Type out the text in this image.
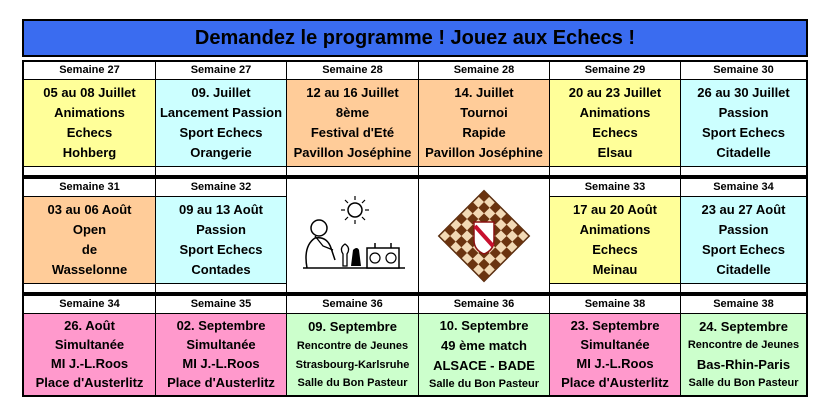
Demandez le programme ! Jouez aux Echecs !
Semaine 27
05 au 08 Juillet
Animations
Echecs
Hohberg
Semaine 27
09. Juillet
Lancement Passion
Sport Echecs
Orangerie
Semaine 28
12 au 16 Juillet
8ème
Festival d'Eté
Pavillon Joséphine
Semaine 28
14. Juillet
Tournoi
Rapide
Pavillon Joséphine
Semaine 29
20 au 23 Juillet
Animations
Echecs
Elsau
Semaine 30
26 au 30 Juillet
Passion
Sport Echecs
Citadelle
Semaine 31
03 au 06 Août
Open
de
Wasselonne
Semaine 32
09 au 13 Août
Passion
Sport Echecs
Contades
Semaine 33
17 au 20 Août
Animations
Echecs
Meinau
Semaine 34
23 au 27 Août
Passion
Sport Echecs
Citadelle
Semaine 34
26. Août
Simultanée
MI J.-L.Roos
Place d'Austerlitz
Semaine 35
02. Septembre
Simultanée
MI J.-L.Roos
Place d'Austerlitz
Semaine 36
09. Septembre
Rencontre de Jeunes
Strasbourg-Karlsruhe
Salle du Bon Pasteur
Semaine 36
10. Septembre
49 ème match
ALSACE - BADE
Salle du Bon Pasteur
Semaine 38
23. Septembre
Simultanée
MI J.-L.Roos
Place d'Austerlitz
Semaine 38
24. Septembre
Rencontre de Jeunes
Bas-Rhin-Paris
Salle du Bon Pasteur
